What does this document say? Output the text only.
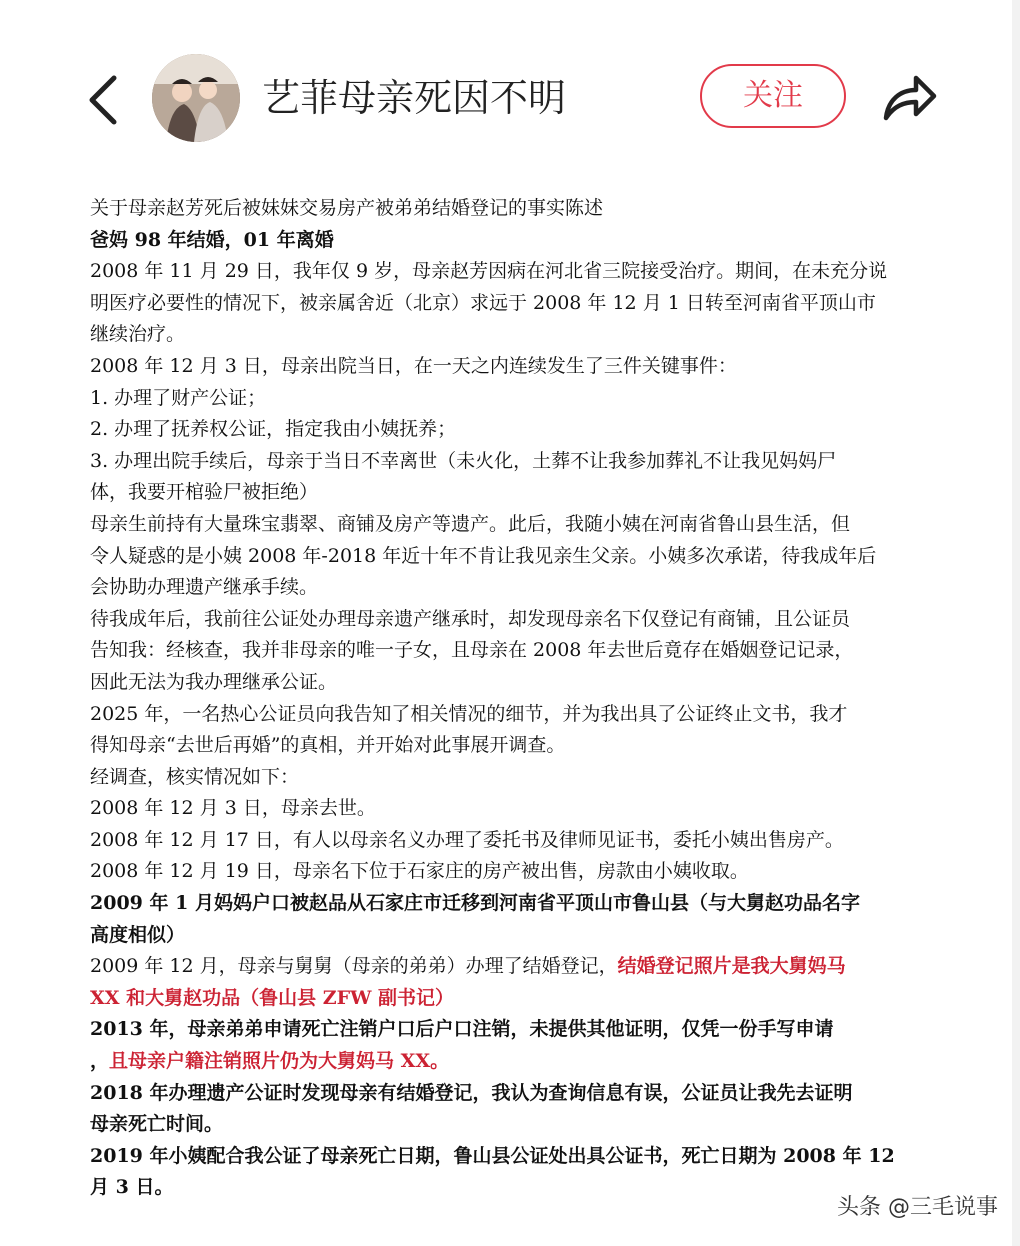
艺菲母亲死因不明	关注
关于母亲赵芳死后被妹妹交易房产被弟弟结婚登记的事实陈述
爸妈 98 年结婚，01 年离婚
2008 年 11 月 29 日，我年仅 9 岁，母亲赵芳因病在河北省三院接受治疗。期间，在未充分说
明医疗必要性的情况下，被亲属舍近（北京）求远于 2008 年 12 月 1 日转至河南省平顶山市
继续治疗。
2008 年 12 月 3 日，母亲出院当日，在一天之内连续发生了三件关键事件：
1. 办理了财产公证；
2. 办理了抚养权公证，指定我由小姨抚养；
3. 办理出院手续后，母亲于当日不幸离世（未火化，土葬不让我参加葬礼不让我见妈妈尸
体，我要开棺验尸被拒绝）
母亲生前持有大量珠宝翡翠、商铺及房产等遗产。此后，我随小姨在河南省鲁山县生活，但
令人疑惑的是小姨 2008 年-2018 年近十年不肯让我见亲生父亲。小姨多次承诺，待我成年后
会协助办理遗产继承手续。
待我成年后，我前往公证处办理母亲遗产继承时，却发现母亲名下仅登记有商铺，且公证员
告知我：经核查，我并非母亲的唯一子女，且母亲在 2008 年去世后竟存在婚姻登记记录，
因此无法为我办理继承公证。
2025 年，一名热心公证员向我告知了相关情况的细节，并为我出具了公证终止文书，我才
得知母亲“去世后再婚”的真相，并开始对此事展开调查。
经调查，核实情况如下：
2008 年 12 月 3 日，母亲去世。
2008 年 12 月 17 日，有人以母亲名义办理了委托书及律师见证书，委托小姨出售房产。
2008 年 12 月 19 日，母亲名下位于石家庄的房产被出售，房款由小姨收取。
2009 年 1 月妈妈户口被赵品从石家庄市迁移到河南省平顶山市鲁山县（与大舅赵功品名字
高度相似）
2009 年 12 月，母亲与舅舅（母亲的弟弟）办理了结婚登记，结婚登记照片是我大舅妈马
XX 和大舅赵功品（鲁山县 ZFW 副书记）
2013 年，母亲弟弟申请死亡注销户口后户口注销，未提供其他证明，仅凭一份手写申请
，且母亲户籍注销照片仍为大舅妈马 XX。
2018 年办理遗产公证时发现母亲有结婚登记，我认为查询信息有误，公证员让我先去证明
母亲死亡时间。
2019 年小姨配合我公证了母亲死亡日期，鲁山县公证处出具公证书，死亡日期为 2008 年 12
月 3 日。
头条 @三毛说事
